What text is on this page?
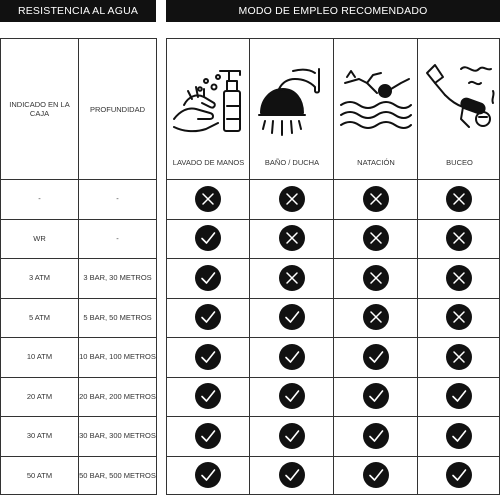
RESISTENCIA AL AGUA	MODO DE EMPLEO RECOMENDADO
INDICADO EN LA CAJA	PROFUNDIDAD
-	-
WR	-
3 ATM	3 BAR, 30 METROS
5 ATM	5 BAR, 50 METROS
10 ATM	10 BAR, 100 METROS
20 ATM	20 BAR, 200 METROS
30 ATM	30 BAR, 300 METROS
50 ATM	50 BAR, 500 METROS
LAVADO DE MANOS	BAÑO / DUCHA	NATACIÓN	BUCEO
